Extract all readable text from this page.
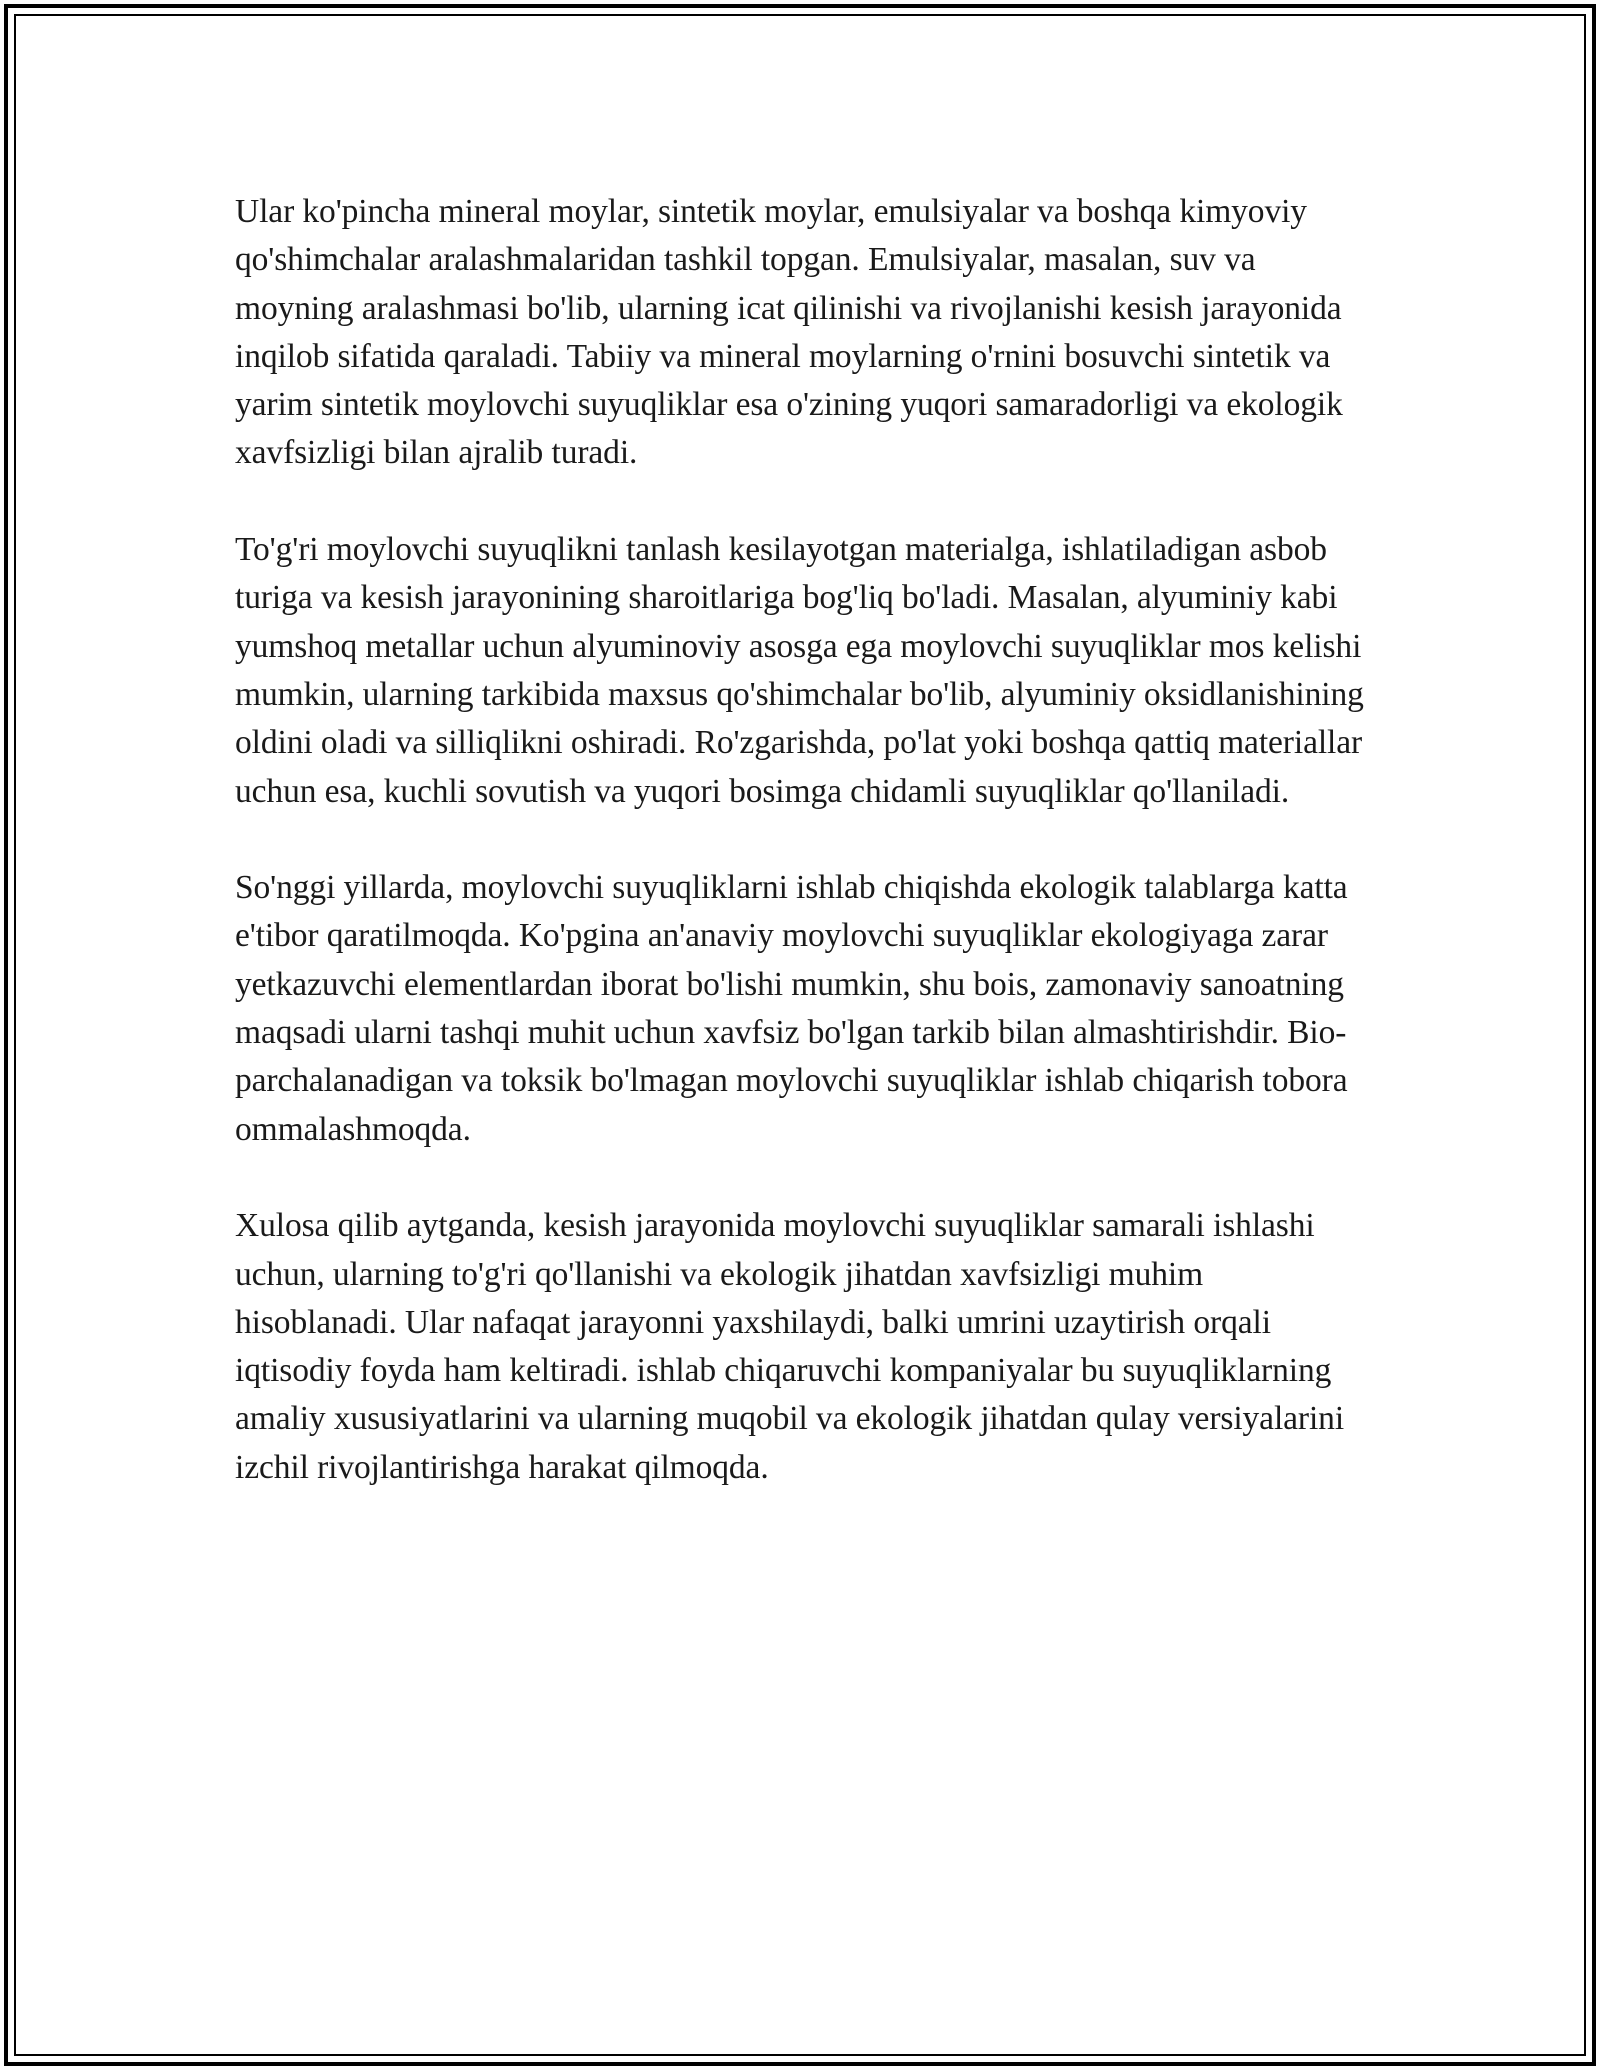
Ular ko'pincha mineral moylar, sintetik moylar, emulsiyalar va boshqa kimyoviy qo'shimchalar aralashmalaridan tashkil topgan. Emulsiyalar, masalan, suv va moyning aralashmasi bo'lib, ularning icat qilinishi va rivojlanishi kesish jarayonida inqilob sifatida qaraladi. Tabiiy va mineral moylarning o'rnini bosuvchi sintetik va yarim sintetik moylovchi suyuqliklar esa o'zining yuqori samaradorligi va ekologik xavfsizligi bilan ajralib turadi.

To'g'ri moylovchi suyuqlikni tanlash kesilayotgan materialga, ishlatiladigan asbob turiga va kesish jarayonining sharoitlariga bog'liq bo'ladi. Masalan, alyuminiy kabi yumshoq metallar uchun alyuminoviy asosga ega moylovchi suyuqliklar mos kelishi mumkin, ularning tarkibida maxsus qo'shimchalar bo'lib, alyuminiy oksidlanishining oldini oladi va silliqlikni oshiradi. Ro'zgarishda, po'lat yoki boshqa qattiq materiallar uchun esa, kuchli sovutish va yuqori bosimga chidamli suyuqliklar qo'llaniladi.

So'nggi yillarda, moylovchi suyuqliklarni ishlab chiqishda ekologik talablarga katta e'tibor qaratilmoqda. Ko'pgina an'anaviy moylovchi suyuqliklar ekologiyaga zarar yetkazuvchi elementlardan iborat bo'lishi mumkin, shu bois, zamonaviy sanoatning maqsadi ularni tashqi muhit uchun xavfsiz bo'lgan tarkib bilan almashtirishdir. Bio-parchalanadigan va toksik bo'lmagan moylovchi suyuqliklar ishlab chiqarish tobora ommalashmoqda.

Xulosa qilib aytganda, kesish jarayonida moylovchi suyuqliklar samarali ishlashi uchun, ularning to'g'ri qo'llanishi va ekologik jihatdan xavfsizligi muhim hisoblanadi. Ular nafaqat jarayonni yaxshilaydi, balki umrini uzaytirish orqali iqtisodiy foyda ham keltiradi. ishlab chiqaruvchi kompaniyalar bu suyuqliklarning amaliy xususiyatlarini va ularning muqobil va ekologik jihatdan qulay versiyalarini izchil rivojlantirishga harakat qilmoqda.
